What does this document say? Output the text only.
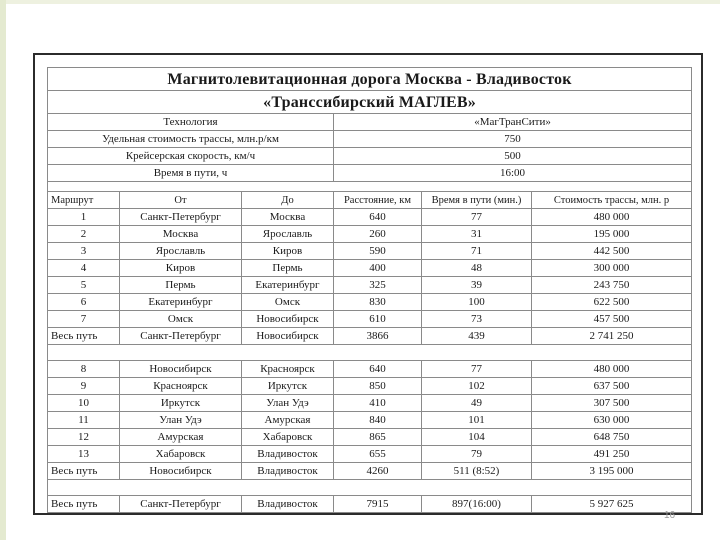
Магнитолевитационная дорога Москва - Владивосток					
«Транссибирский МАГЛЕВ»					
Технология			«МагТранСити»		
Удельная стоимость трассы, млн.р/км			750		
Крейсерская скорость, км/ч			500		
Время в пути, ч			16:00		

Маршрут	От	До	Расстояние, км	Время в пути (мин.)	Стоимость трассы, млн. р
1	Санкт-Петербург	Москва	640	77	480 000
2	Москва	Ярославль	260	31	195 000
3	Ярославль	Киров	590	71	442 500
4	Киров	Пермь	400	48	300 000
5	Пермь	Екатеринбург	325	39	243 750
6	Екатеринбург	Омск	830	100	622 500
7	Омск	Новосибирск	610	73	457 500
Весь путь	Санкт-Петербург	Новосибирск	3866	439	2 741 250

8	Новосибирск	Красноярск	640	77	480 000
9	Красноярск	Иркутск	850	102	637 500
10	Иркутск	Улан Удэ	410	49	307 500
11	Улан Удэ	Амурская	840	101	630 000
12	Амурская	Хабаровск	865	104	648 750
13	Хабаровск	Владивосток	655	79	491 250
Весь путь	Новосибирск	Владивосток	4260	511 (8:52)	3 195 000

Весь путь	Санкт-Петербург	Владивосток	7915	897(16:00)	5 927 625
16
